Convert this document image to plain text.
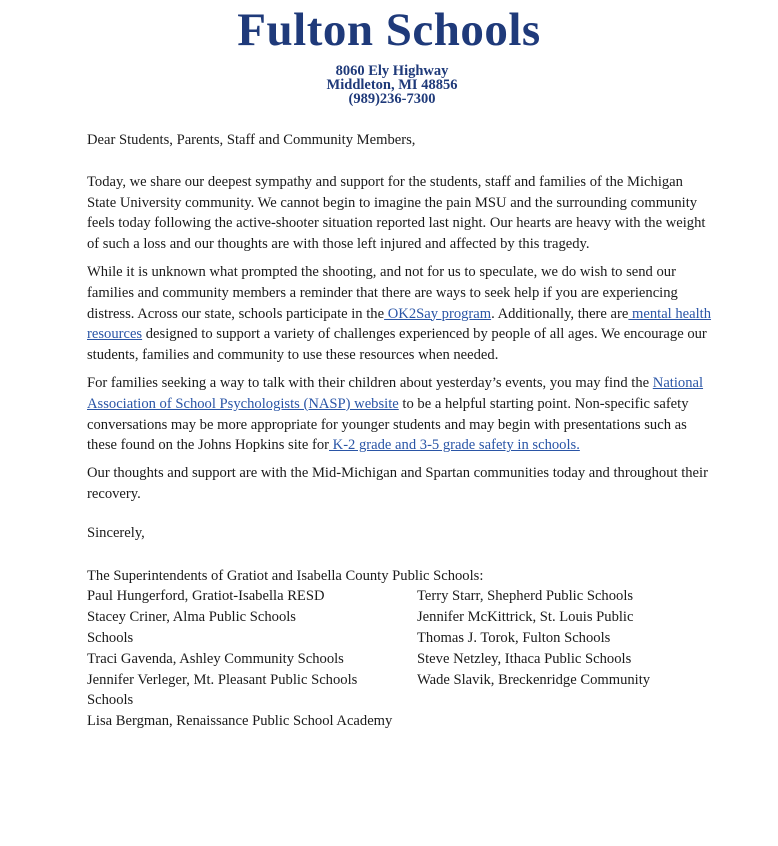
Fulton Schools
8060 Ely Highway
Middleton, MI 48856
(989)236-7300

Dear Students, Parents, Staff and Community Members,

Today, we share our deepest sympathy and support for the students, staff and families of the Michigan State University community. We cannot begin to imagine the pain MSU and the surrounding community feels today following the active-shooter situation reported last night. Our hearts are heavy with the weight of such a loss and our thoughts are with those left injured and affected by this tragedy.

While it is unknown what prompted the shooting, and not for us to speculate, we do wish to send our families and community members a reminder that there are ways to seek help if you are experiencing distress. Across our state, schools participate in the OK2Say program. Additionally, there are mental health resources designed to support a variety of challenges experienced by people of all ages. We encourage our students, families and community to use these resources when needed.

For families seeking a way to talk with their children about yesterday’s events, you may find the National Association of School Psychologists (NASP) website to be a helpful starting point. Non-specific safety conversations may be more appropriate for younger students and may begin with presentations such as these found on the Johns Hopkins site for K-2 grade and 3-5 grade safety in schools.

Our thoughts and support are with the Mid-Michigan and Spartan communities today and throughout their recovery.

Sincerely,

The Superintendents of Gratiot and Isabella County Public Schools:

Paul Hungerford, Gratiot-Isabella RESD
Stacey Criner, Alma Public Schools
Schools
Traci Gavenda, Ashley Community Schools
Jennifer Verleger, Mt. Pleasant Public Schools
Schools
Lisa Bergman, Renaissance Public School Academy
Terry Starr, Shepherd Public Schools
Jennifer McKittrick, St. Louis Public
Thomas J. Torok, Fulton Schools
Steve Netzley, Ithaca Public Schools
Wade Slavik, Breckenridge Community
